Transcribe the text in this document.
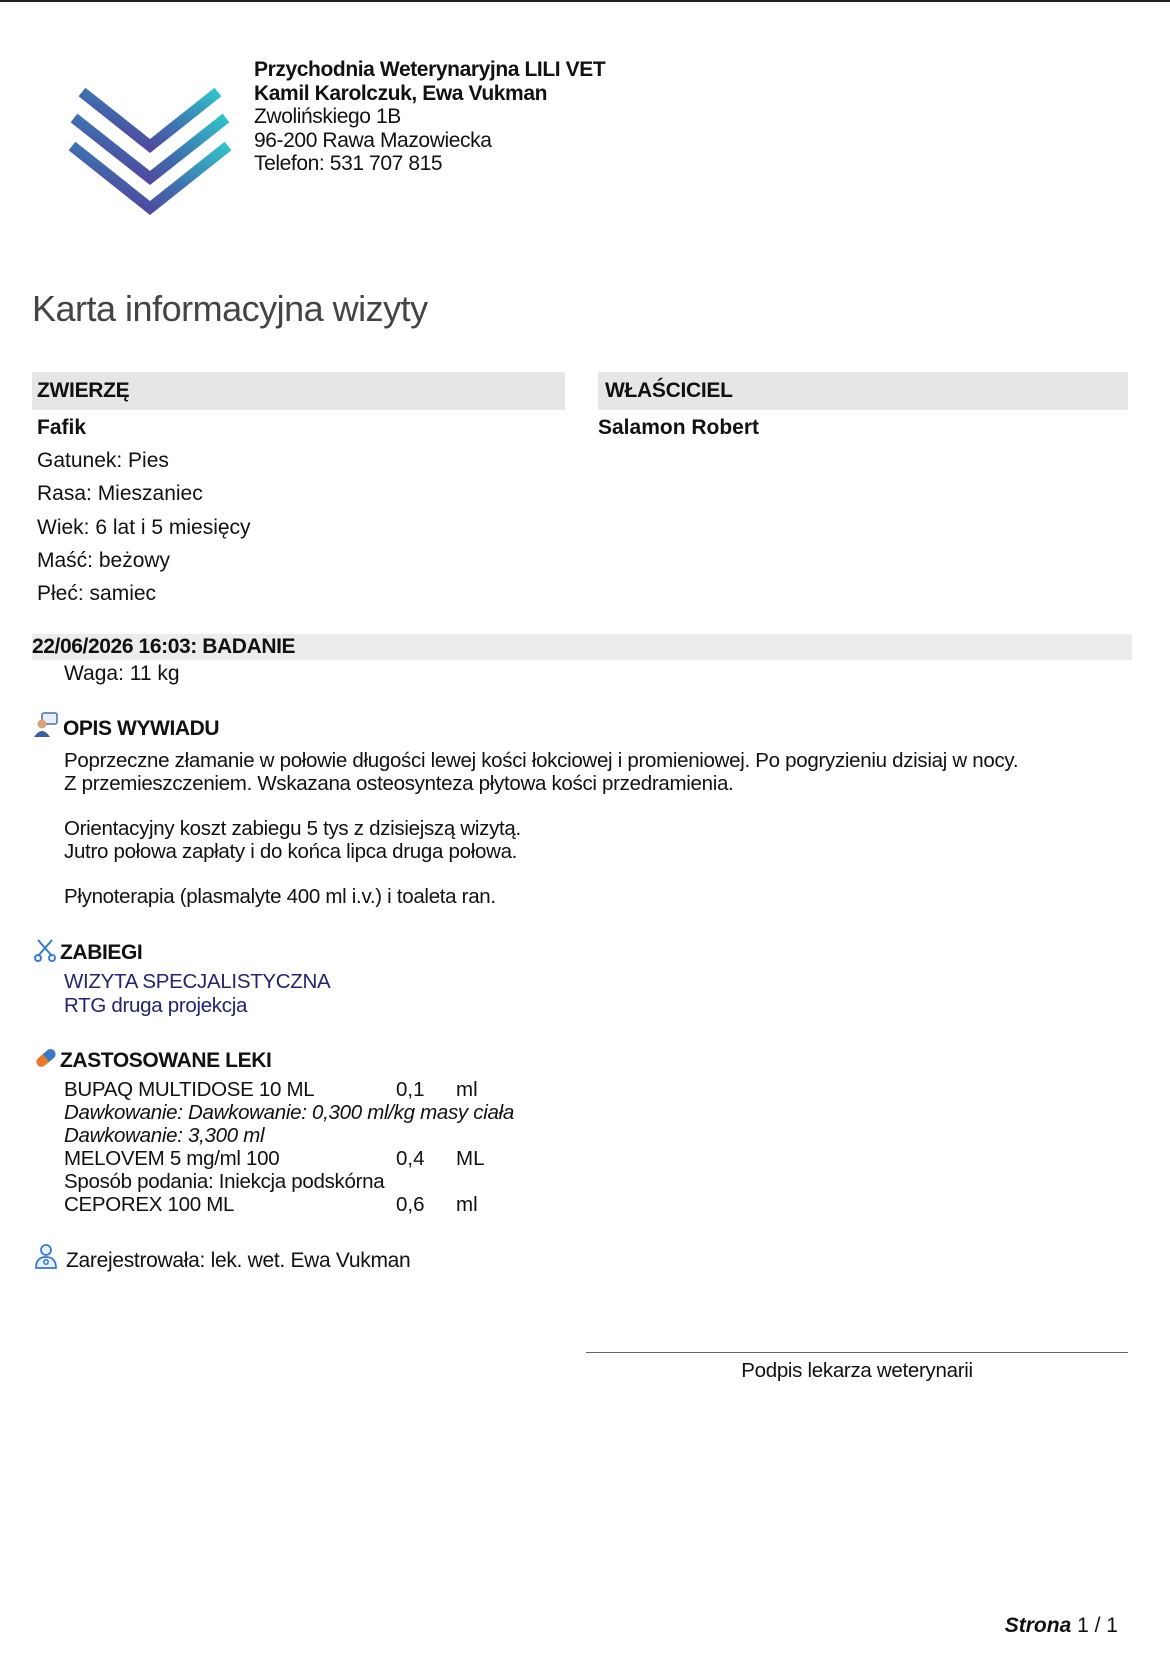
Przychodnia Weterynaryjna LILI VET
Kamil Karolczuk, Ewa Vukman
Zwolińskiego 1B
96-200 Rawa Mazowiecka
Telefon: 531 707 815
Karta informacyjna wizyty
ZWIERZĘ	WŁAŚCICIEL
Fafik	Salamon Robert
Gatunek: Pies
Rasa: Mieszaniec
Wiek: 6 lat i 5 miesięcy
Maść: beżowy
Płeć: samiec
22/06/2026 16:03: BADANIE
Waga: 11 kg
OPIS WYWIADU
Poprzeczne złamanie w połowie długości lewej kości łokciowej i promieniowej. Po pogryzieniu dzisiaj w nocy.
Z przemieszczeniem. Wskazana osteosynteza płytowa kości przedramienia.
Orientacyjny koszt zabiegu 5 tys z dzisiejszą wizytą.
Jutro połowa zapłaty i do końca lipca druga połowa.
Płynoterapia (plasmalyte 400 ml i.v.) i toaleta ran.
ZABIEGI
WIZYTA SPECJALISTYCZNA
RTG druga projekcja
ZASTOSOWANE LEKI
BUPAQ MULTIDOSE 10 ML	0,1 ml
Dawkowanie: Dawkowanie: 0,300 ml/kg masy ciała
Dawkowanie: 3,300 ml
MELOVEM 5 mg/ml 100	0,4 ML
Sposób podania: Iniekcja podskórna
CEPOREX 100 ML	0,6 ml
Zarejestrowała: lek. wet. Ewa Vukman
Podpis lekarza weterynarii
Strona 1 / 1
